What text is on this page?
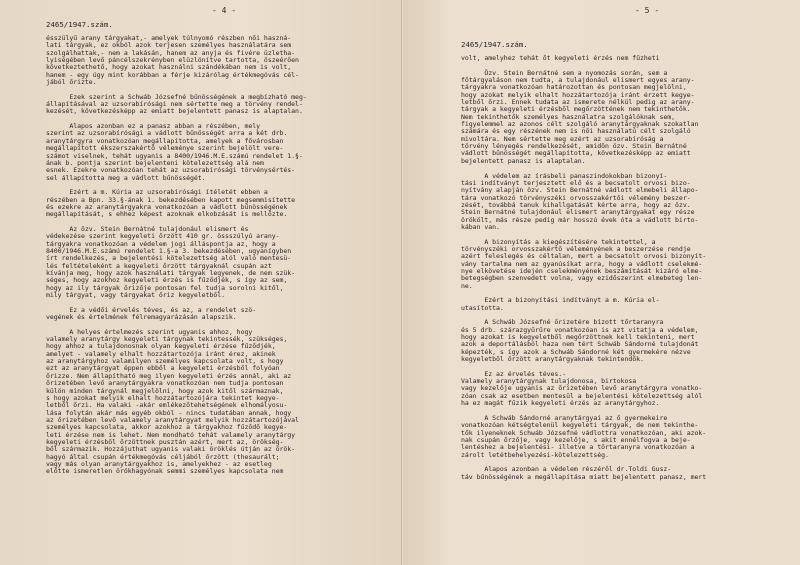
- 4 -
2465/1947.szám.
ésszülyű arany tárgyakat,- amelyek túlnyomó részben női haszná-
lati tárgyak, ez okból azok terjesen személyes használatára sem
szolgálhattak,- nem a lakásán, hanem az anyja és fivére üzletha-
lyiségében levő páncélszekrényben elüzlönítve tartotta, öszeérően
következtethető, hogy azokat használni szándékában nem is volt,
hanem - egy úgy mint korábban a férje kizárólag értékmegóvás cél-
jából őrizte.

Ezek szerint a Schwáb Józsefné bűnösségének a megbízható meg-
állapításával az uzsorabírósági nem sértette meg a törvény rendel-
kezését, következésképp az emiatt bejelentett panasz is alaptalan.

Alapos azonban ez a panasz abban a részében, mely
szerint az uzsorabírósági a vádlott bűnösségét arra a két drb.
aranytárgyra vonatkozóan megállapította, amelyek a fővárosban
megállapított ékszerszakértő véleménye szerint bejelölt vere-
számot viselnek, tehát ugyanis a 8400/1946.M.E.számú rendelet 1.§-
ának b. pontja szerint bejelenteni kötelezettség alá nem
esnek. Ezekre vonatkozóan tehát az uzsorabírósági törvénysértés-
sel állapította meg a vádlott bűnösségét.

Ezért a m. Kúria az uzsorabírósági ítéletét ebben a
részében a Bpn. 33.§-ának 1. bekezdésében kapott megsemmisítette
és ezekre az aranytárgyakra vonatkozóan a vádlott bűnösségének
megállapítását, s ehhez képest azoknak elkobzását is mellőzte.

Az özv. Stein Bernátné tulajdonául elismert és
védekezése szerint kegyeleti őrzött 410 gr. össszúlyú arany-
tárgyakra vonatkozóan a védelem jogi álláspontja az, hogy a
8400/1946.M.E.számú rendelet 1.§-a 3. bekezdésében, ugyanígyben
írt rendelkezés, a bejelentési kötelezettség alól való mentesü-
lés feltételeként a kegyeleti őrzött tárgyaknál csupán azt
kívánja meg, hogy azok használati tárgyak legyenek, de nem szük-
séges, hogy azokhoz kegyeleti érzés is fűződjék, s így az sem,
hogy az ily tárgyak őrizője pontosan fel tudja sorolni kitől,
mily tárgyat, vagy tárgyakat őriz kegyeletből.

Ez a védői érvelés téves, és az, a rendelet szö-
vegének és értelmének félremagyarázásán alapszik.

A helyes értelmezés szerint ugyanis ahhoz, hogy
valamely aranytárgy kegyeleti tárgynak tekintessék, szükséges,
hogy ahhoz a tulajdonosnak olyan kegyeleti érzése fűződjék,
amelyet - valamely elhalt hozzátartozója iránt érez, akinek
az aranytárgyhoz valamilyen személyes kapcsolata volt, s hogy
ezt az aranytárgyat éppen ebből a kegyeleti érzésből folyóan
őrizze. Nem állapítható meg ilyen kegyeleti érzés annál, aki az
őrizetében levő aranytárgyakra vonatkozóan nem tudja pontosan
külön minden tárgynál megjelölni, hogy azok kitől származnak,
s hogy azokat melyik elhalt hozzátartozójára tekintet kegye-
letből őrzi. Ha valaki -akár emlékezőtehetségének elhomályosu-
lása folytán akár más egyéb okból - nincs tudatában annak, hogy
az őrizetében levő valamely aranytárgyat melyik hozzátartozójával
személyes kapcsolata, akkor azokhoz a tárgyakhoz fűződő kegye-
leti érzése nem is lehet. Nem mondható tehát valamely aranytárgy
kegyeleti érzésből őrzöttnek pusztán azért, mert az, örökség-
ből származik. Hozzájuthat ugyanis valaki öröklés útján az örök-
hagyó által csupán értékmegóvás céljából őrzött (thesaurált;
vagy más olyan aranytárgyakhoz is, amelyekhez - az esetleg
előtte ismeretlen örökhagyónak semmi személyes kapcsolata nem
- 5 -
2465/1947.szám.
volt, amelyhez tehát őt kegyeleti érzés nem fűzheti

Özv. Stein Bernátné sem a nyomozás során, sem a
főtárgyaláson nem tudta, a tulajdonául elismert egyes arany-
tárgyakra vonatkozóan határozottan és pontosan megjelölni,
hogy azokat melyik elhalt hozzátartozója iránt érzett kegye-
letből őrzi. Ennek tudata az ismerete nélkül pedig az arany-
tárgyak a kegyeleti érzésből megőrzöttének nem tekinthetők.
Nem tekinthetők személyes használatra szolgálóknak sem,
figyelemmel az azonos célt szolgáló aranytárgyaknak szokatlan
számára és egy részének nem is női használatú célt szolgáló
mivoltára. Nem sértette meg ezért az uzsorabíróság a
törvény lényegés rendelkezését, amidőn özv. Stein Bernátné
vádlott bűnösségét megállapította, következésképp az emiatt
bejelentett panasz is alaptalan.

A védelem az írásbeli panaszindokokban bizonyí-
tási indítványt terjesztett elő és a becsatolt orvosi bizo-
nyítvány alapján özv. Stein Bernátné vádlott elmebeli állapo-
tára vonatkozó törvényszéki orvosszakértői vélemény beszer-
zését, továbbá tanuk kihallgatását kérte arra, hogy az özv.
Stein Bernátné tulajdonául elismert aranytárgyakat egy része
örökölt, más része pedig már hosszú évek óta a vádlott birto-
kában van.

A bizonyítás a kiegészítésére tekintettel, a
törvényszéki orvosszakértő véleményének a beszerzése rendje
azért feleslegés és céltalan, mert a becsatolt orvosi bizonyít-
vány tartalma nem az gyanúsíkat arra, hogy a vádlott cselekmé-
nye elkövetése idején cselekményének beszámítását kizáró elme-
betegségben szenvedett volna, vagy ezidőszerint elmebeteg len-
ne.

Ezért a bizonyítási indítványt a m. Kúria el-
utasította.

A Schwáb Józsefné őrizetére bízott tőrtaranyra
és 5 drb. szárazgyűrűre vonatkozóan is azt vitatja a védelem,
hogy azokat is kegyeletből megőrzöttnek kell tekinteni, mert
azok a deportálásból haza nem tért Schwáb Sándorné tulajdonát
képezték, s így azok a Schwáb Sándorné két gyermekére nézve
kegyeletből őrzött aranytárgyaknak tekintendők.

Ez az érvelés téves.-
Valamely aranytárgynak tulajdonosa, birtokosa
vagy kezelője ugyanis az őrizetében levő aranytárgyra vonatko-
zóan csak az esetben mentesül a bejelentési kötelezettség alól
ha ez magát fűzik kegyeleti érzés az aranytárgyhoz.

A Schwáb Sándorné aranytárgyai az ő gyermekeire
vonatkozóan kétségtelenül kegyeleti tárgyak, de nem tekinthe-
tők ilyeneknek Schwáb Józsefné vádlottra vonatkozóan, aki azok-
nak csupán őrzője, vagy kezelője, s akit ennélfogva a beje-
lentéshez a bejelentési- illetve a tőrtaranyra vonatkozóan a
zárolt letétbehelyezési-kötelezettség.

Alapos azonban a védelem részéről dr.Toldi Gusz-
táv bűnösségének a megállapítása miatt bejelentett panasz, mert
